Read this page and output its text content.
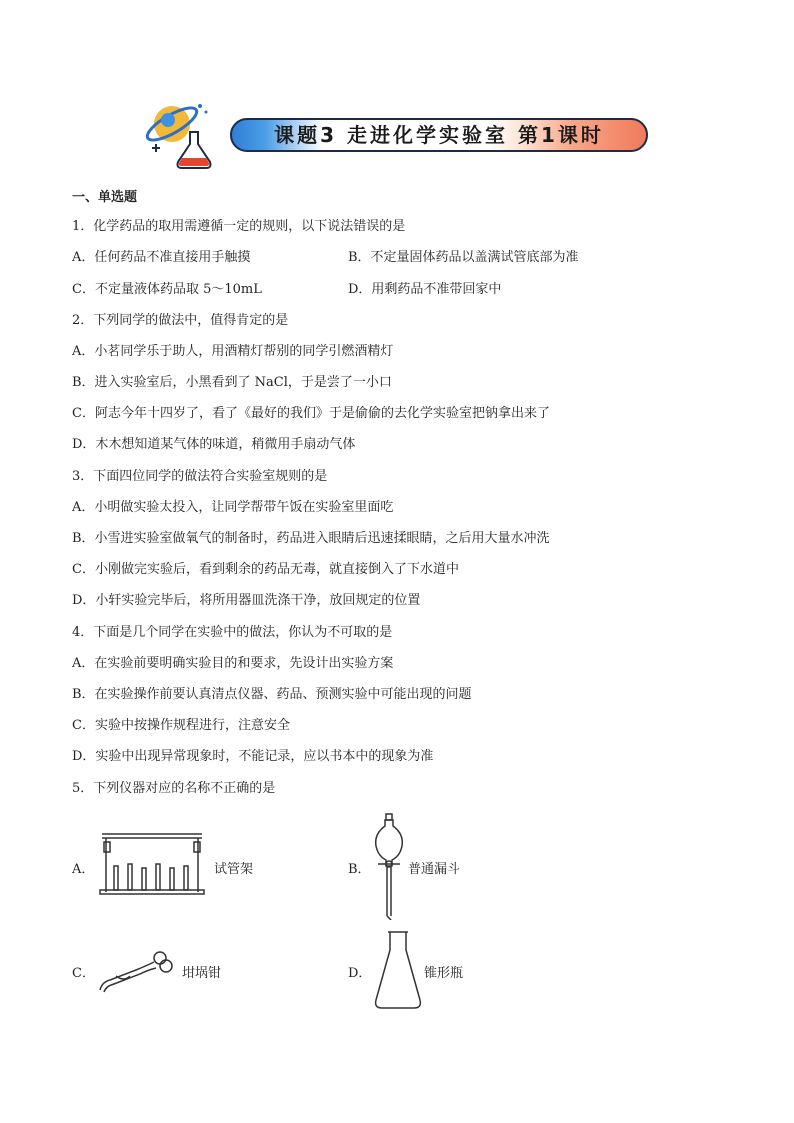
课题3 走进化学实验室 第1课时
一、单选题
1．化学药品的取用需遵循一定的规则，以下说法错误的是
A．任何药品不准直接用手触摸	B．不定量固体药品以盖满试管底部为准
C．不定量液体药品取 5～10mL	D．用剩药品不准带回家中
2．下列同学的做法中，值得肯定的是
A．小茗同学乐于助人，用酒精灯帮别的同学引燃酒精灯
B．进入实验室后，小黑看到了 NaCl，于是尝了一小口
C．阿志今年十四岁了，看了《最好的我们》于是偷偷的去化学实验室把钠拿出来了
D．木木想知道某气体的味道，稍微用手扇动气体
3．下面四位同学的做法符合实验室规则的是
A．小明做实验太投入，让同学帮带午饭在实验室里面吃
B．小雪进实验室做氧气的制备时，药品进入眼睛后迅速揉眼睛，之后用大量水冲洗
C．小刚做完实验后，看到剩余的药品无毒，就直接倒入了下水道中
D．小轩实验完毕后，将所用器皿洗涤干净，放回规定的位置
4．下面是几个同学在实验中的做法，你认为不可取的是
A．在实验前要明确实验目的和要求，先设计出实验方案
B．在实验操作前要认真清点仪器、药品、预测实验中可能出现的问题
C．实验中按操作规程进行，注意安全
D．实验中出现异常现象时，不能记录，应以书本中的现象为准
5．下列仪器对应的名称不正确的是
A．	试管架	B．	普通漏斗
C．	坩埚钳	D．	锥形瓶
